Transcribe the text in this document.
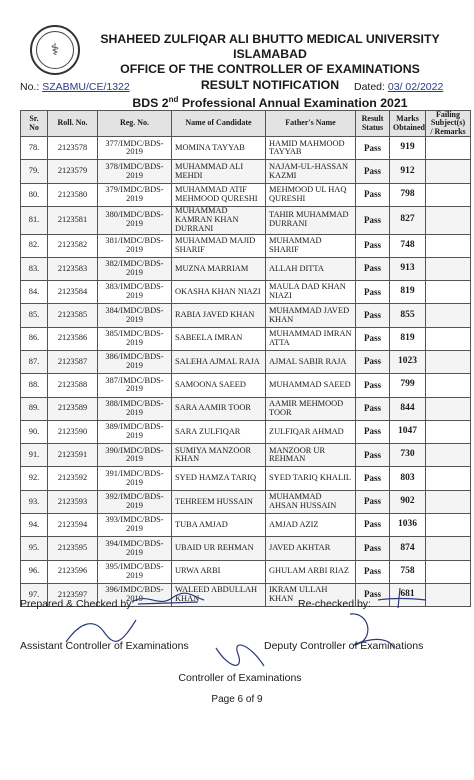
⚕
SHAHEED ZULFIQAR ALI BHUTTO MEDICAL UNIVERSITY
ISLAMABAD
OFFICE OF THE CONTROLLER OF EXAMINATIONS
RESULT NOTIFICATION
No.: SZABMU/CE/1322	Dated: 03/ 02/2022
BDS 2nd Professional Annual Examination 2021
Sr. No	Roll. No.	Reg. No.	Name of Candidate	Father's Name	Result Status	Marks Obtained	Failing Subject(s) / Remarks
78.	2123578	377/IMDC/BDS-2019	MOMINA TAYYAB	HAMID MAHMOOD TAYYAB	Pass	919	
79.	2123579	378/IMDC/BDS-2019	MUHAMMAD ALI MEHDI	NAJAM-UL-HASSAN KAZMI	Pass	912	
80.	2123580	379/IMDC/BDS-2019	MUHAMMAD ATIF MEHMOOD QURESHI	MEHMOOD UL HAQ QURESHI	Pass	798	
81.	2123581	380/IMDC/BDS-2019	MUHAMMAD KAMRAN KHAN DURRANI	TAHIR MUHAMMAD DURRANI	Pass	827	
82.	2123582	381/IMDC/BDS-2019	MUHAMMAD MAJID SHARIF	MUHAMMAD SHARIF	Pass	748	
83.	2123583	382/IMDC/BDS-2019	MUZNA MARRIAM	ALLAH DITTA	Pass	913	
84.	2123584	383/IMDC/BDS-2019	OKASHA KHAN NIAZI	MAULA DAD KHAN NIAZI	Pass	819	
85.	2123585	384/IMDC/BDS-2019	RABIA JAVED KHAN	MUHAMMAD JAVED KHAN	Pass	855	
86.	2123586	385/IMDC/BDS-2019	SABEELA IMRAN	MUHAMMAD IMRAN ATTA	Pass	819	
87.	2123587	386/IMDC/BDS-2019	SALEHA AJMAL RAJA	AJMAL SABIR RAJA	Pass	1023	
88.	2123588	387/IMDC/BDS-2019	SAMOONA SAEED	MUHAMMAD SAEED	Pass	799	
89.	2123589	388/IMDC/BDS-2019	SARA AAMIR TOOR	AAMIR MEHMOOD TOOR	Pass	844	
90.	2123590	389/IMDC/BDS-2019	SARA ZULFIQAR	ZULFIQAR AHMAD	Pass	1047	
91.	2123591	390/IMDC/BDS-2019	SUMIYA MANZOOR KHAN	MANZOOR UR REHMAN	Pass	730	
92.	2123592	391/IMDC/BDS-2019	SYED HAMZA TARIQ	SYED TARIQ KHALIL	Pass	803	
93.	2123593	392/IMDC/BDS-2019	TEHREEM HUSSAIN	MUHAMMAD AHSAN HUSSAIN	Pass	902	
94.	2123594	393/IMDC/BDS-2019	TUBA AMJAD	AMJAD AZIZ	Pass	1036	
95.	2123595	394/IMDC/BDS-2019	UBAID UR REHMAN	JAVED AKHTAR	Pass	874	
96.	2123596	395/IMDC/BDS-2019	URWA ARBI	GHULAM ARBI RIAZ	Pass	758	
97.	2123597	396/IMDC/BDS-2019	WALEED ABDULLAH KHAN	IKRAM ULLAH KHAN	Pass	681	
Prepared & Checked by:	Re-checked by:
Assistant Controller of Examinations	Deputy Controller of Examinations
Controller of Examinations
Page 6 of 9
